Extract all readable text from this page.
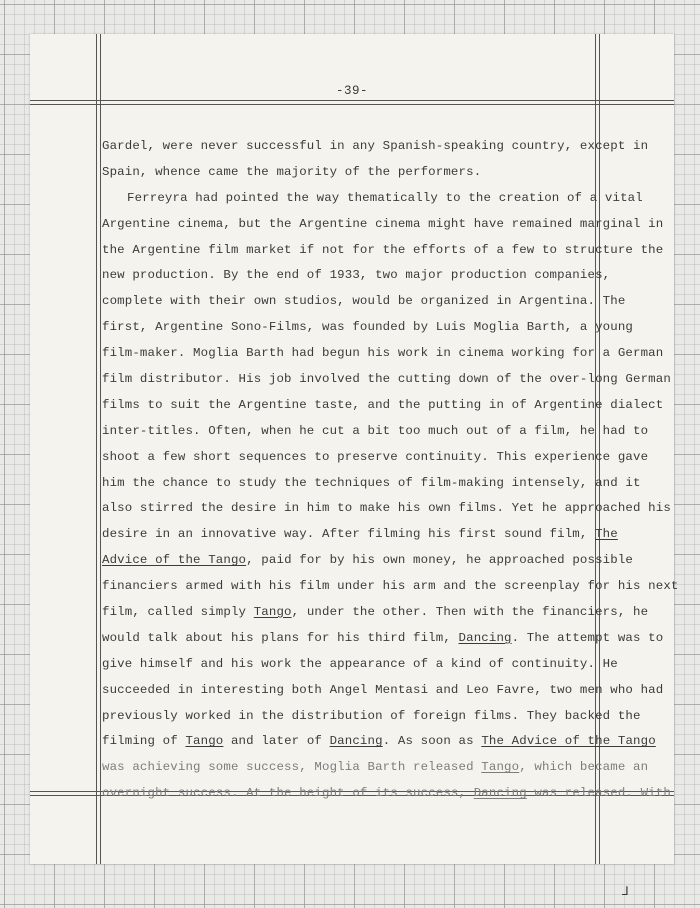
-39-
Gardel, were never successful in any Spanish-speaking country, except in
Spain, whence came the majority of the performers.
Ferreyra had pointed the way thematically to the creation of a vital
Argentine cinema, but the Argentine cinema might have remained marginal in
the Argentine film market if not for the efforts of a few to structure the
new production. By the end of 1933, two major production companies,
complete with their own studios, would be organized in Argentina. The
first, Argentine Sono-Films, was founded by Luis Moglia Barth, a young
film-maker. Moglia Barth had begun his work in cinema working for a German
film distributor. His job involved the cutting down of the over-long German
films to suit the Argentine taste, and the putting in of Argentine dialect
inter-titles. Often, when he cut a bit too much out of a film, he had to
shoot a few short sequences to preserve continuity. This experience gave
him the chance to study the techniques of film-making intensely, and it
also stirred the desire in him to make his own films. Yet he approached his
desire in an innovative way. After filming his first sound film, The
Advice of the Tango, paid for by his own money, he approached possible
financiers armed with his film under his arm and the screenplay for his next
film, called simply Tango, under the other. Then with the financiers, he
would talk about his plans for his third film, Dancing. The attempt was to
give himself and his work the appearance of a kind of continuity. He
succeeded in interesting both Angel Mentasi and Leo Favre, two men who had
previously worked in the distribution of foreign films. They backed the
filming of Tango and later of Dancing. As soon as The Advice of the Tango
was achieving some success, Moglia Barth released Tango, which became an
overnight success. At the height of its success, Dancing was released. With
⅃
